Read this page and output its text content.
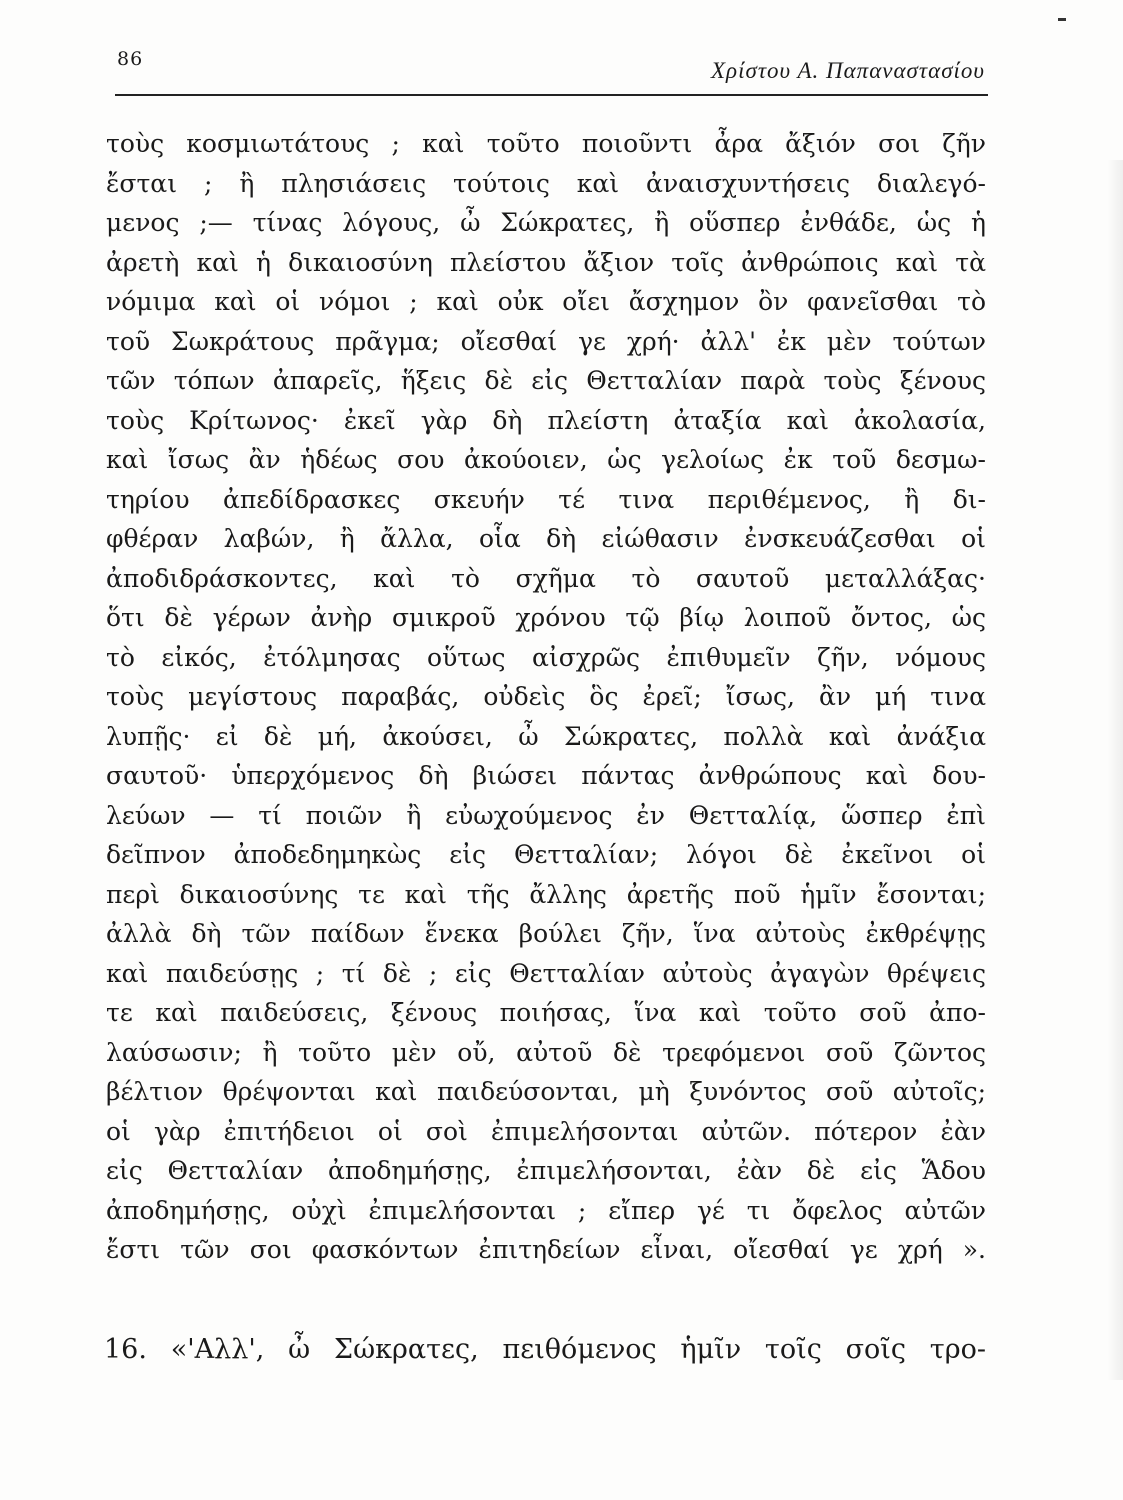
86	Χρίστου Α. Παπαναστασίου
τοὺς κοσμιωτάτους ; καὶ τοῦτο ποιοῦντι ἆρα ἄξιόν σοι ζῆν
ἔσται ; ἢ πλησιάσεις τούτοις καὶ ἀναισχυντήσεις διαλεγό-
μενος ;— τίνας λόγους, ὦ Σώκρατες, ἢ οὕσπερ ἐνθάδε, ὡς ἡ
ἀρετὴ καὶ ἡ δικαιοσύνη πλείστου ἄξιον τοῖς ἀνθρώποις καὶ τὰ
νόμιμα καὶ οἱ νόμοι ; καὶ οὐκ οἴει ἄσχημον ὂν φανεῖσθαι τὸ
τοῦ Σωκράτους πρᾶγμα; οἴεσθαί γε χρή· ἀλλ' ἐκ μὲν τούτων
τῶν τόπων ἀπαρεῖς, ἥξεις δὲ εἰς Θετταλίαν παρὰ τοὺς ξένους
τοὺς Κρίτωνος· ἐκεῖ γὰρ δὴ πλείστη ἀταξία καὶ ἀκολασία,
καὶ ἴσως ἂν ἡδέως σου ἀκούοιεν, ὡς γελοίως ἐκ τοῦ δεσμω-
τηρίου ἀπεδίδρασκες σκευήν τέ τινα περιθέμενος, ἢ δι-
φθέραν λαβών, ἢ ἄλλα, οἷα δὴ εἰώθασιν ἐνσκευάζεσθαι οἱ
ἀποδιδράσκοντες, καὶ τὸ σχῆμα τὸ σαυτοῦ μεταλλάξας·
ὅτι δὲ γέρων ἀνὴρ σμικροῦ χρόνου τῷ βίῳ λοιποῦ ὄντος, ὡς
τὸ εἰκός, ἐτόλμησας οὕτως αἰσχρῶς ἐπιθυμεῖν ζῆν, νόμους
τοὺς μεγίστους παραβάς, οὐδεὶς ὃς ἐρεῖ; ἴσως, ἂν μή τινα
λυπῇς· εἰ δὲ μή, ἀκούσει, ὦ Σώκρατες, πολλὰ καὶ ἀνάξια
σαυτοῦ· ὑπερχόμενος δὴ βιώσει πάντας ἀνθρώπους καὶ δου-
λεύων — τί ποιῶν ἢ εὐωχούμενος ἐν Θετταλίᾳ, ὥσπερ ἐπὶ
δεῖπνον ἀποδεδημηκὼς εἰς Θετταλίαν; λόγοι δὲ ἐκεῖνοι οἱ
περὶ δικαιοσύνης τε καὶ τῆς ἄλλης ἀρετῆς ποῦ ἡμῖν ἔσονται;
ἀλλὰ δὴ τῶν παίδων ἕνεκα βούλει ζῆν, ἵνα αὐτοὺς ἐκθρέψῃς
καὶ παιδεύσῃς ; τί δὲ ; εἰς Θετταλίαν αὐτοὺς ἀγαγὼν θρέψεις
τε καὶ παιδεύσεις, ξένους ποιήσας, ἵνα καὶ τοῦτο σοῦ ἀπο-
λαύσωσιν; ἢ τοῦτο μὲν οὔ, αὐτοῦ δὲ τρεφόμενοι σοῦ ζῶντος
βέλτιον θρέψονται καὶ παιδεύσονται, μὴ ξυνόντος σοῦ αὐτοῖς;
οἱ γὰρ ἐπιτήδειοι οἱ σοὶ ἐπιμελήσονται αὐτῶν. πότερον ἐὰν
εἰς Θετταλίαν ἀποδημήσῃς, ἐπιμελήσονται, ἐὰν δὲ εἰς Ἅδου
ἀποδημήσῃς, οὐχὶ ἐπιμελήσονται ; εἴπερ γέ τι ὄφελος αὐτῶν
ἔστι τῶν σοι φασκόντων ἐπιτηδείων εἶναι, οἴεσθαί γε χρή ».
16. «'Αλλ', ὦ Σώκρατες, πειθόμενος ἡμῖν τοῖς σοῖς τρο-
